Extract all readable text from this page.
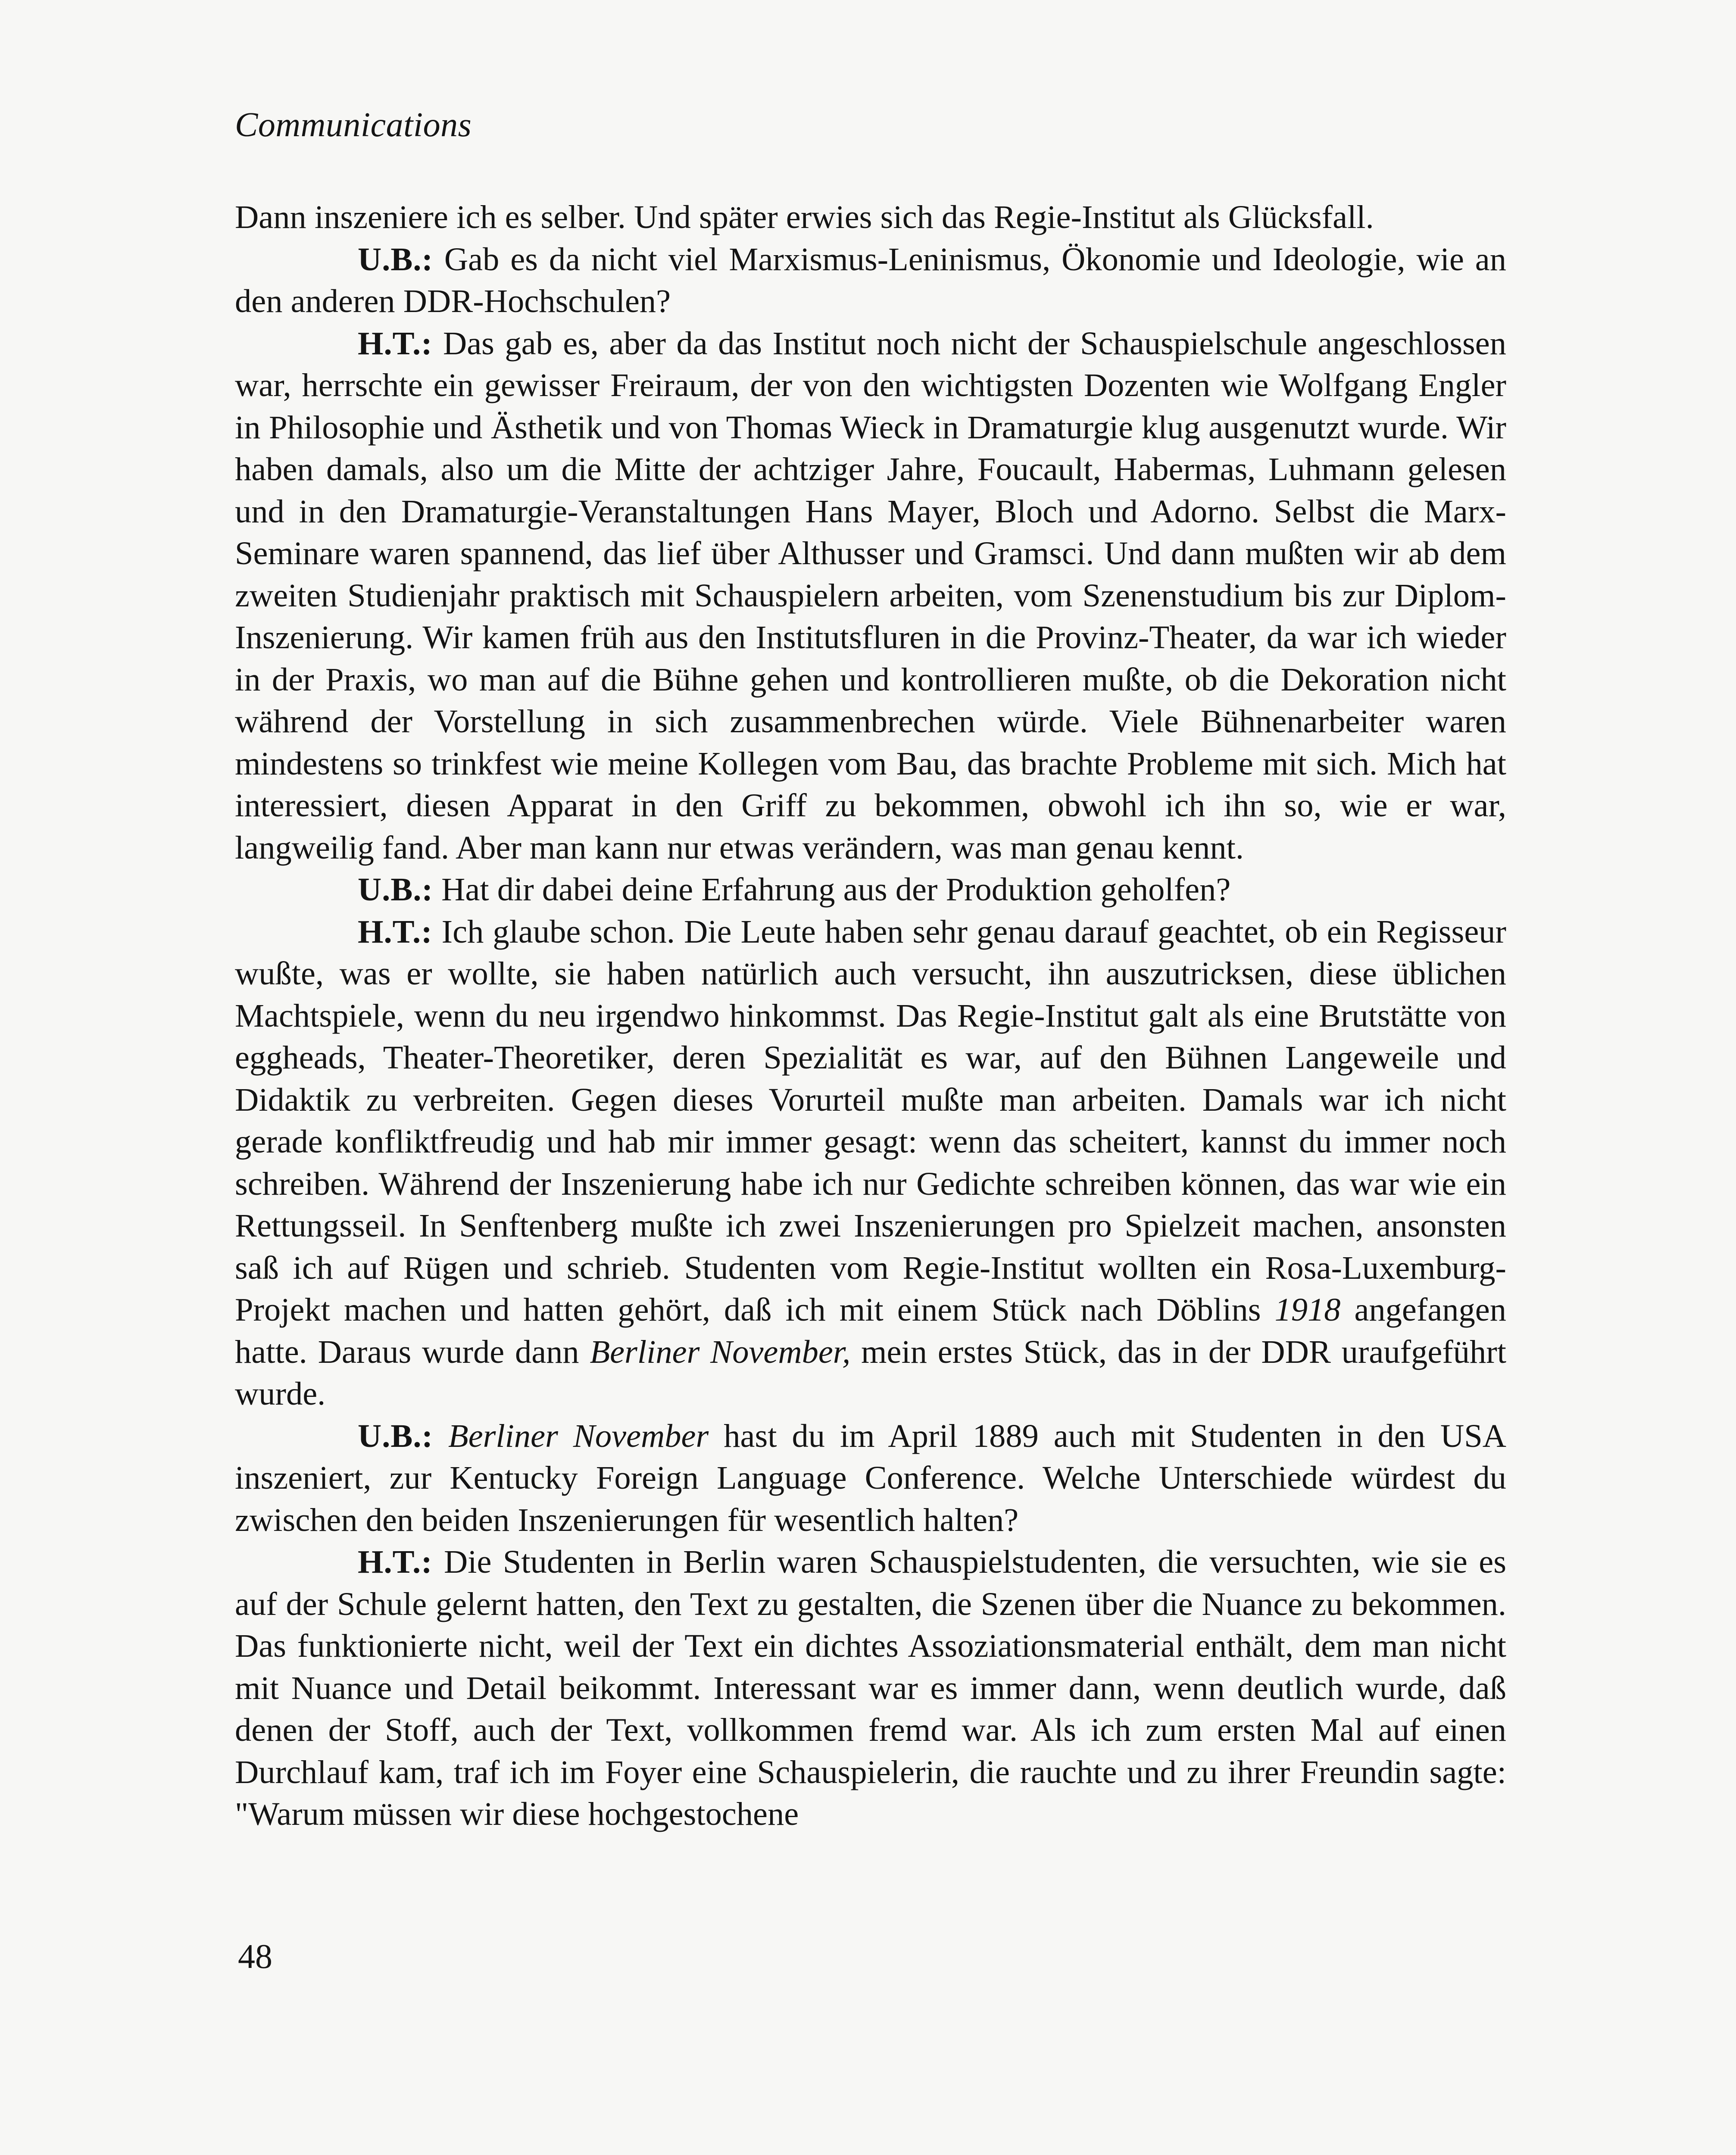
Communications

Dann inszeniere ich es selber. Und später erwies sich das Regie-Institut als Glücksfall.

U.B.: Gab es da nicht viel Marxismus-Leninismus, Ökonomie und Ideologie, wie an den anderen DDR-Hochschulen?

H.T.: Das gab es, aber da das Institut noch nicht der Schauspielschule angeschlossen war, herrschte ein gewisser Freiraum, der von den wichtigsten Dozenten wie Wolfgang Engler in Philosophie und Ästhetik und von Thomas Wieck in Dramaturgie klug ausgenutzt wurde. Wir haben damals, also um die Mitte der achtziger Jahre, Foucault, Habermas, Luhmann gelesen und in den Dramaturgie-Veranstaltungen Hans Mayer, Bloch und Adorno. Selbst die Marx-Seminare waren spannend, das lief über Althusser und Gramsci. Und dann mußten wir ab dem zweiten Studienjahr praktisch mit Schauspielern arbeiten, vom Szenenstudium bis zur Diplom-Inszenierung. Wir kamen früh aus den Institutsfluren in die Provinz-Theater, da war ich wieder in der Praxis, wo man auf die Bühne gehen und kontrollieren mußte, ob die Dekoration nicht während der Vorstellung in sich zusammenbrechen würde. Viele Bühnenarbeiter waren mindestens so trinkfest wie meine Kollegen vom Bau, das brachte Probleme mit sich. Mich hat interessiert, diesen Apparat in den Griff zu bekommen, obwohl ich ihn so, wie er war, langweilig fand. Aber man kann nur etwas verändern, was man genau kennt.

U.B.: Hat dir dabei deine Erfahrung aus der Produktion geholfen?

H.T.: Ich glaube schon. Die Leute haben sehr genau darauf geachtet, ob ein Regisseur wußte, was er wollte, sie haben natürlich auch versucht, ihn auszutricksen, diese üblichen Machtspiele, wenn du neu irgendwo hinkommst. Das Regie-Institut galt als eine Brutstätte von eggheads, Theater-Theoretiker, deren Spezialität es war, auf den Bühnen Langeweile und Didaktik zu verbreiten. Gegen dieses Vorurteil mußte man arbeiten. Damals war ich nicht gerade konfliktfreudig und hab mir immer gesagt: wenn das scheitert, kannst du immer noch schreiben. Während der Inszenierung habe ich nur Gedichte schreiben können, das war wie ein Rettungsseil. In Senftenberg mußte ich zwei Inszenierungen pro Spielzeit machen, ansonsten saß ich auf Rügen und schrieb. Studenten vom Regie-Institut wollten ein Rosa-Luxemburg-Projekt machen und hatten gehört, daß ich mit einem Stück nach Döblins 1918 angefangen hatte. Daraus wurde dann Berliner November, mein erstes Stück, das in der DDR uraufgeführt wurde.

U.B.: Berliner November hast du im April 1889 auch mit Studenten in den USA inszeniert, zur Kentucky Foreign Language Conference. Welche Unterschiede würdest du zwischen den beiden Inszenierungen für wesentlich halten?

H.T.: Die Studenten in Berlin waren Schauspielstudenten, die versuchten, wie sie es auf der Schule gelernt hatten, den Text zu gestalten, die Szenen über die Nuance zu bekommen. Das funktionierte nicht, weil der Text ein dichtes Assoziationsmaterial enthält, dem man nicht mit Nuance und Detail beikommt. Interessant war es immer dann, wenn deutlich wurde, daß denen der Stoff, auch der Text, vollkommen fremd war. Als ich zum ersten Mal auf einen Durchlauf kam, traf ich im Foyer eine Schauspielerin, die rauchte und zu ihrer Freundin sagte: "Warum müssen wir diese hochgestochene

48
